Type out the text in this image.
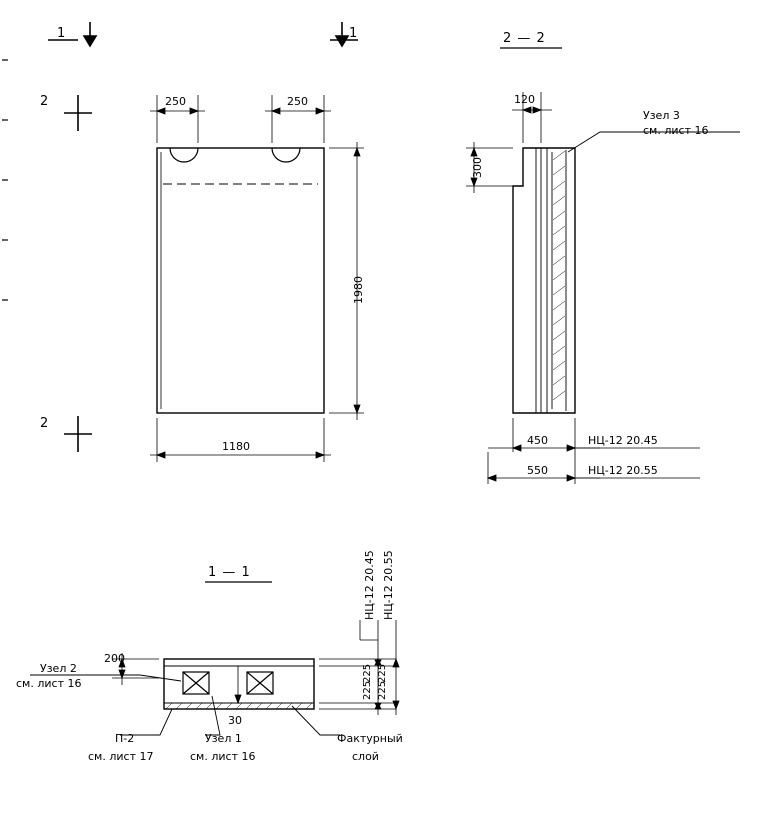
1	1
2
2
250	250
1980
1180
2 — 2
120
300
450
550
НЦ-12 20.45
НЦ-12 20.55
Узел 3
см. лист 16
1 — 1
200
30
225 225
225 225
НЦ-12 20.45 НЦ-12 20.55
Узел 2
см. лист 16
П-2
см. лист 17
Узел 1
см. лист 16
Фактурный
слой
